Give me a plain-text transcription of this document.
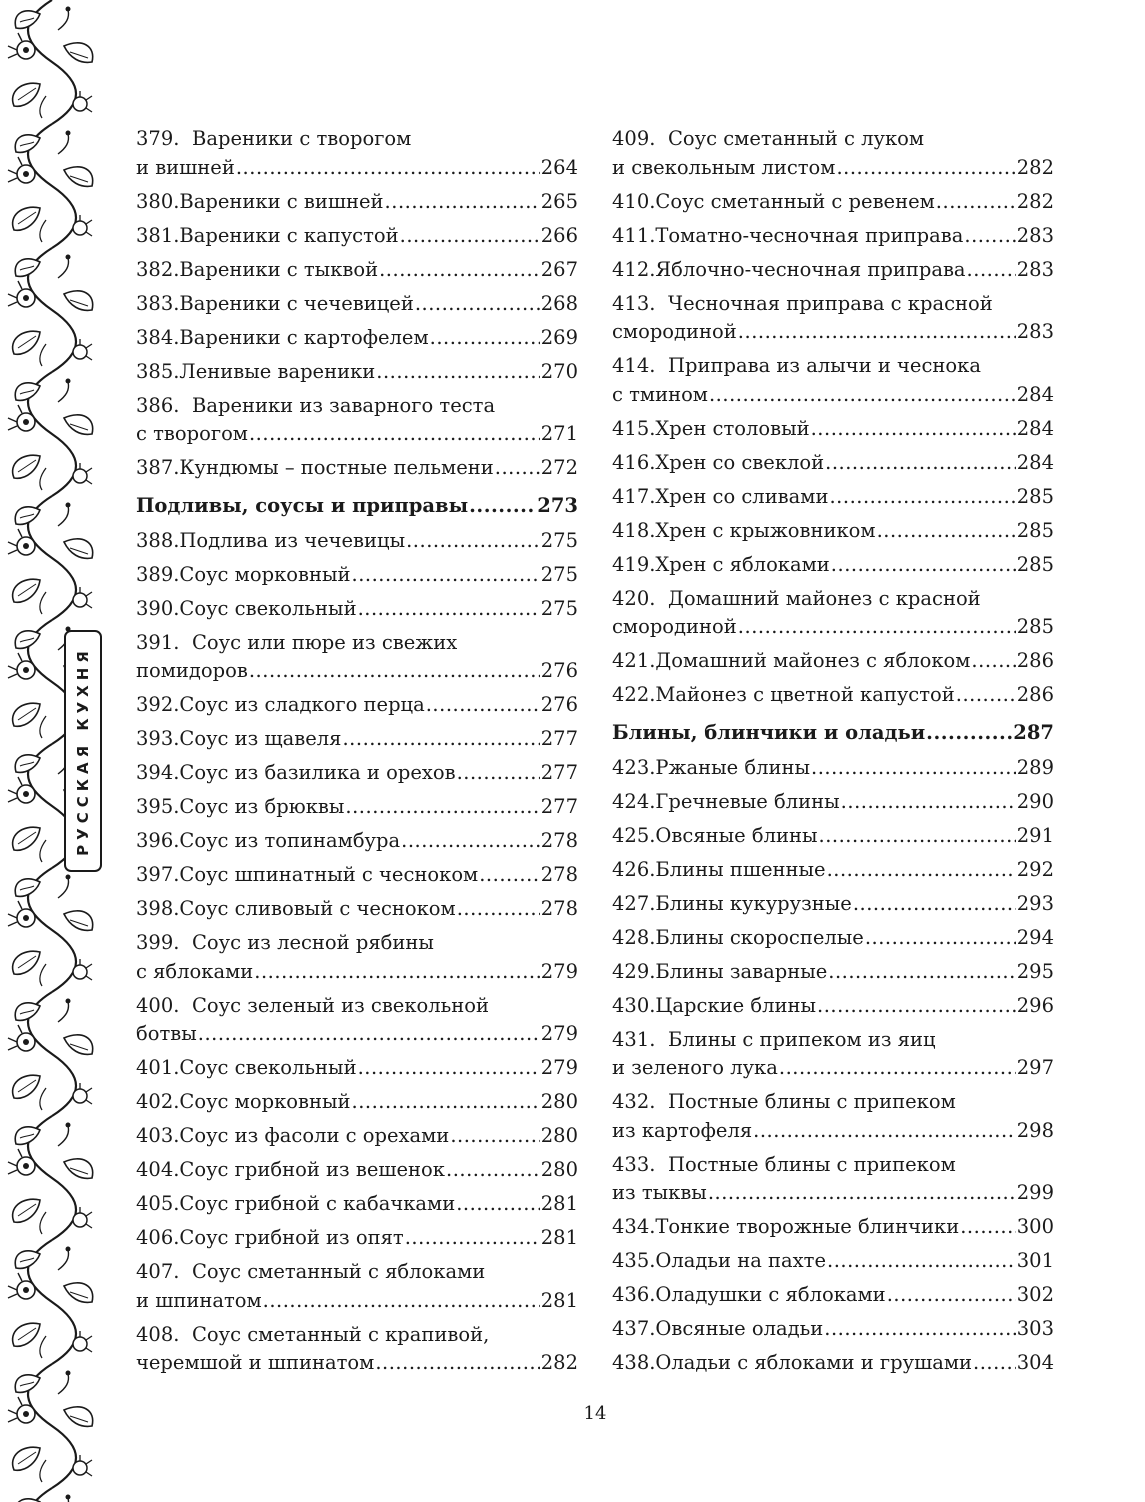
РУССКАЯ КУХНЯ
379. Вареники с творогом
и вишней .....	264
380. Вареники с вишней .....	265
381. Вареники с капустой .....	266
382. Вареники с тыквой .....	267
383. Вареники с чечевицей .....	268
384. Вареники с картофелем .....	269
385. Ленивые вареники .....	270
386. Вареники из заварного теста
с творогом .....	271
387. Кундюмы – постные пельмени ..... 272
Подливы, соусы и приправы .....	273
388. Подлива из чечевицы .....	275
389. Соус морковный .....	275
390. Соус свекольный .....	275
391. Соус или пюре из свежих
помидоров .....	276
392. Соус из сладкого перца .....	276
393. Соус из щавеля .....	277
394. Соус из базилика и орехов .....	277
395. Соус из брюквы .....	277
396. Соус из топинамбура .....	278
397. Соус шпинатный с чесноком .....	278
398. Соус сливовый с чесноком .....	278
399. Соус из лесной рябины
с яблоками .....	279
400. Соус зеленый из свекольной
ботвы .....	279
401. Соус свекольный .....	279
402. Соус морковный .....	280
403. Соус из фасоли с орехами .....	280
404. Соус грибной из вешенок .....	280
405. Соус грибной с кабачками .....	281
406. Соус грибной из опят .....	281
407. Соус сметанный с яблоками
и шпинатом .....	281
408. Соус сметанный с крапивой,
черемшой и шпинатом .....	282
409. Соус сметанный с луком
и свекольным листом .....	282
410. Соус сметанный с ревенем .....	282
411. Томатно-чесночная приправа .....	283
412. Яблочно-чесночная приправа .....	283
413. Чесночная приправа с красной
смородиной .....	283
414. Приправа из алычи и чеснока
с тмином .....	284
415. Хрен столовый .....	284
416. Хрен со свеклой .....	284
417. Хрен со сливами .....	285
418. Хрен с крыжовником .....	285
419. Хрен с яблоками .....	285
420. Домашний майонез с красной
смородиной .....	285
421. Домашний майонез с яблоком ..... 286
422. Майонез с цветной капустой .....	286
Блины, блинчики и оладьи .....	287
423. Ржаные блины .....	289
424. Гречневые блины .....	290
425. Овсяные блины .....	291
426. Блины пшенные .....	292
427. Блины кукурузные .....	293
428. Блины скороспелые .....	294
429. Блины заварные .....	295
430. Царские блины .....	296
431. Блины с припеком из яиц
и зеленого лука .....	297
432. Постные блины с припеком
из картофеля .....	298
433. Постные блины с припеком
из тыквы .....	299
434. Тонкие творожные блинчики .....	300
435. Оладьи на пахте .....	301
436. Оладушки с яблоками .....	302
437. Овсяные оладьи .....	303
438. Оладьи с яблоками и грушами ..... 304
14
